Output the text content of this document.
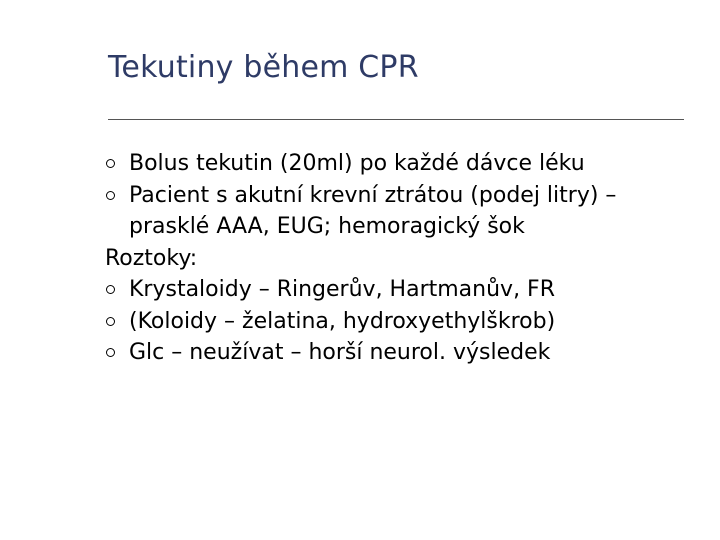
Tekutiny během CPR
Bolus tekutin (20ml) po každé dávce léku
Pacient s akutní krevní ztrátou (podej litry) – prasklé AAA, EUG; hemoragický šok
Roztoky:
Krystaloidy – Ringerův, Hartmanův, FR
(Koloidy – želatina, hydroxyethylškrob)
Glc – neužívat – horší neurol. výsledek
